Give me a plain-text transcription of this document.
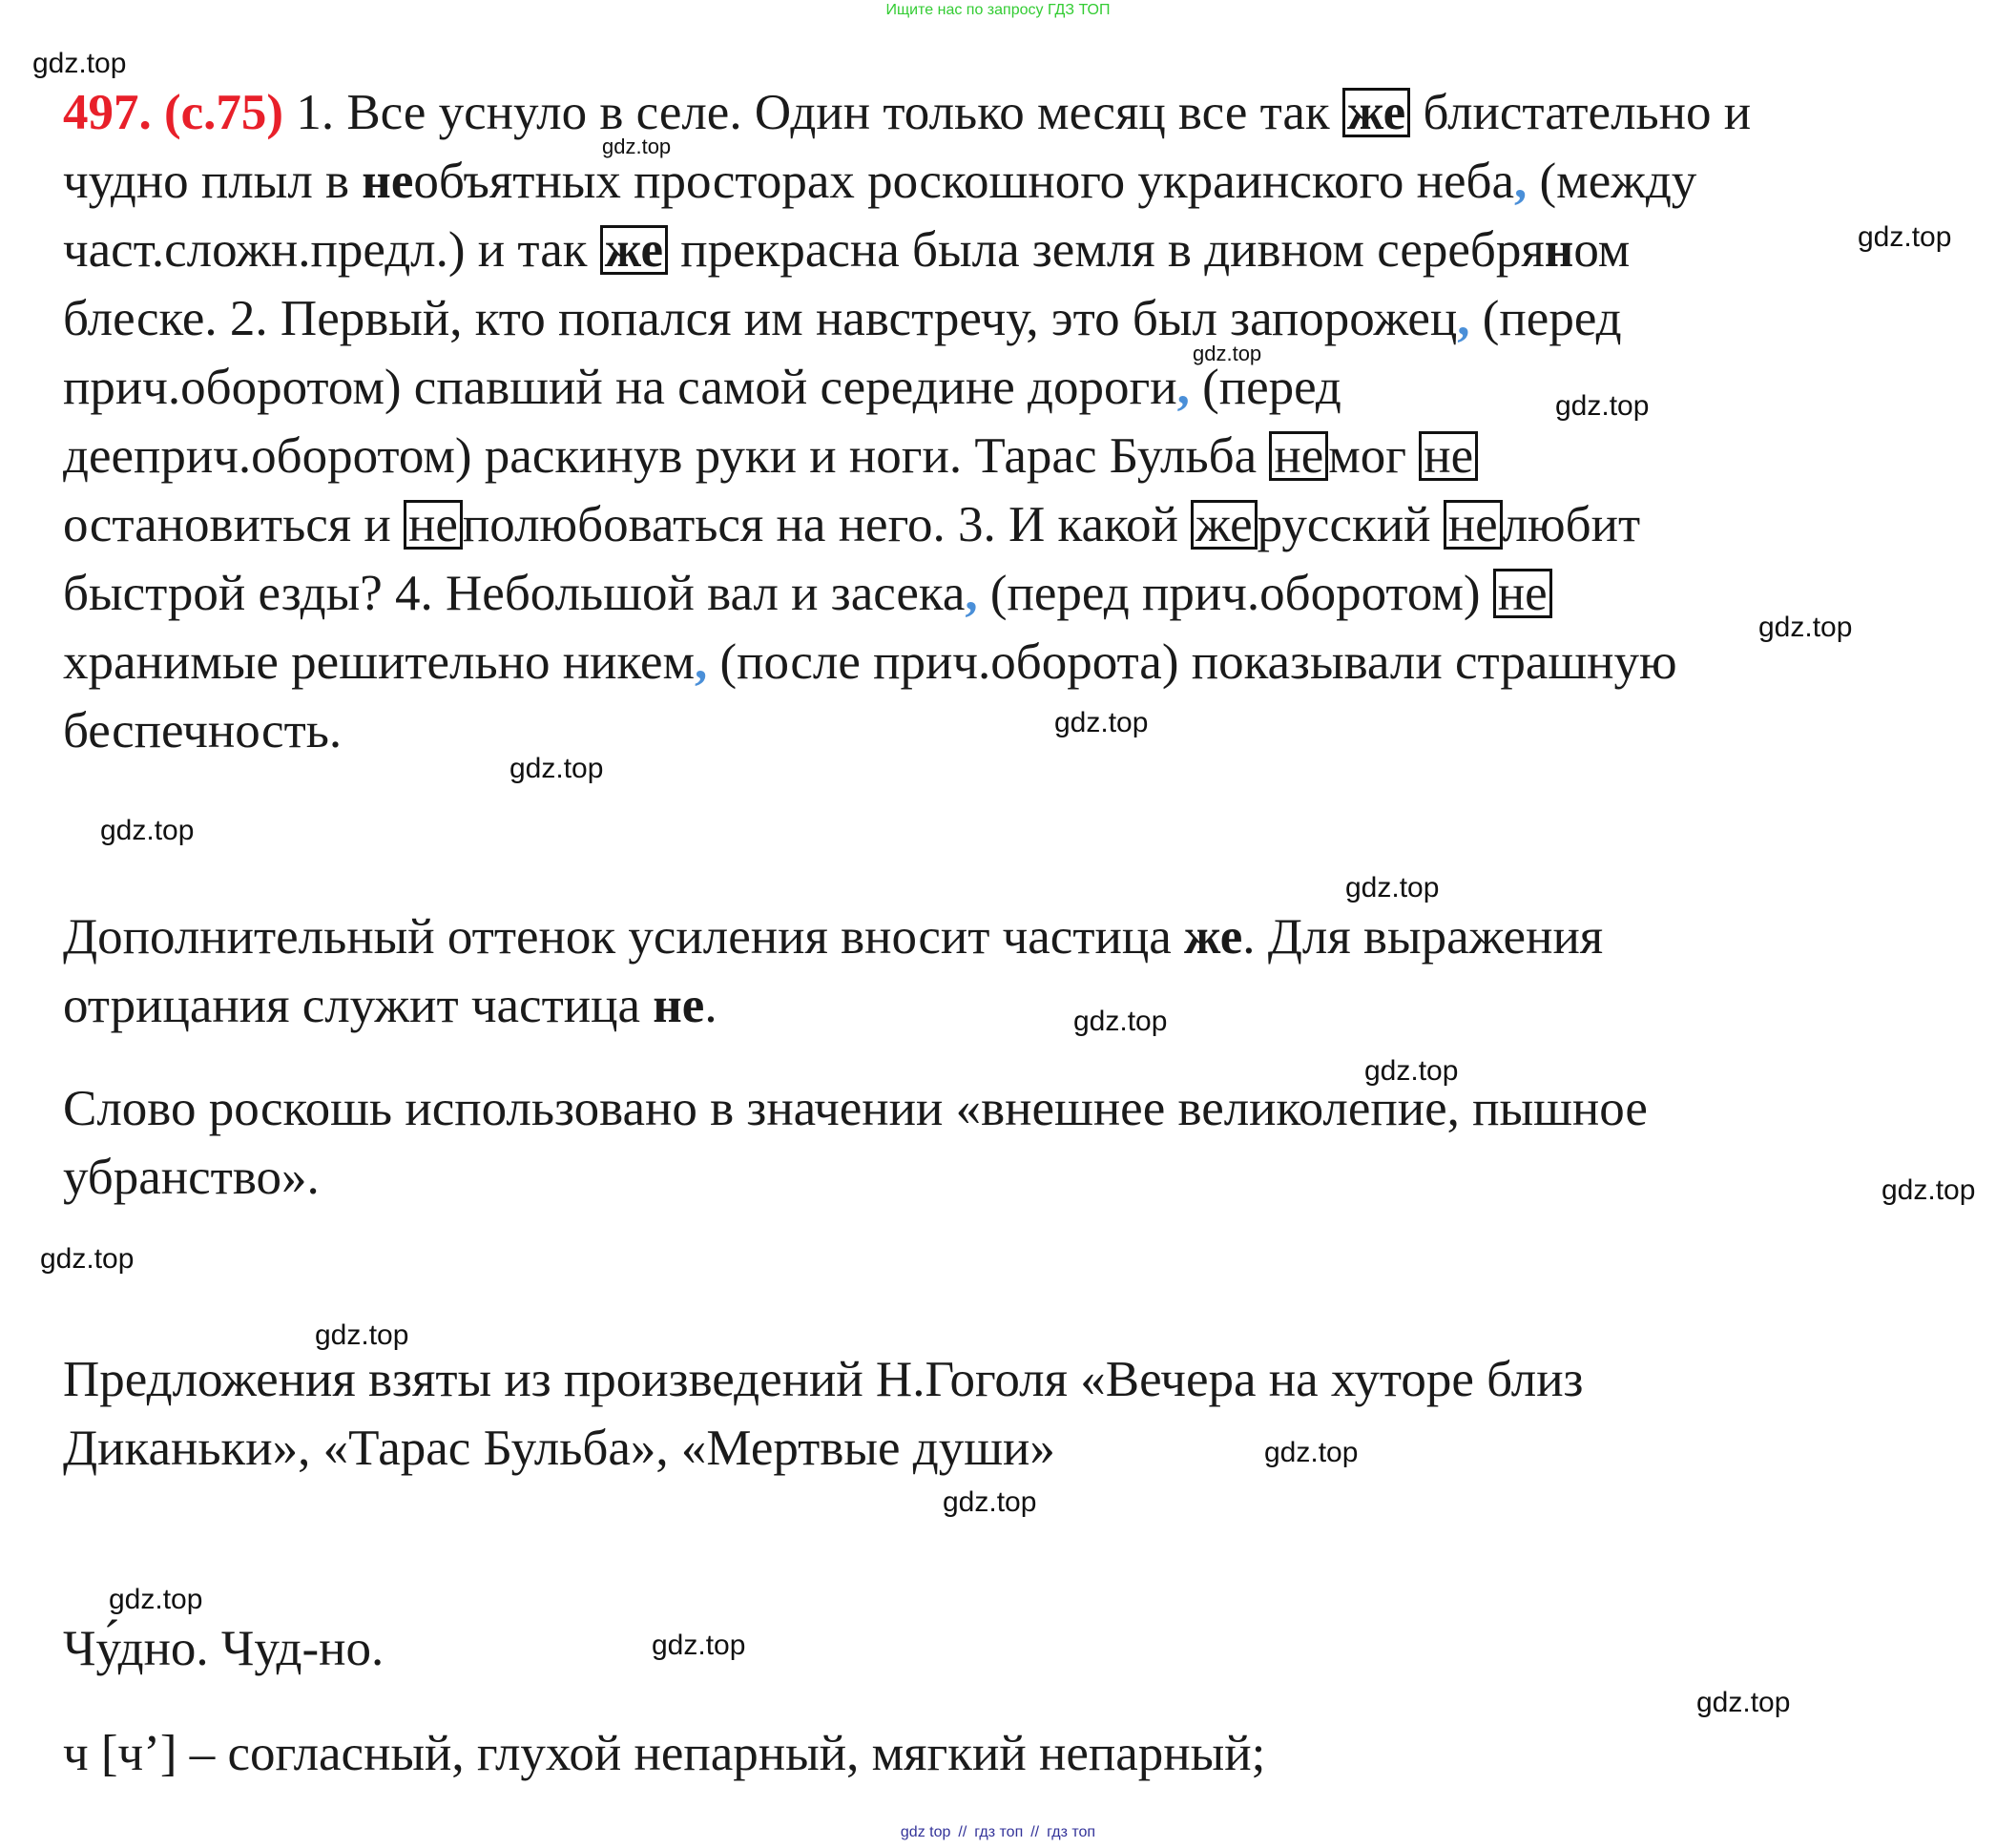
Ищите нас по запросу ГДЗ ТОП
gdz.top
gdz.top
gdz.top
gdz.top
gdz.top
gdz.top
gdz.top
gdz.top
gdz.top
gdz.top
gdz.top
gdz.top
gdz.top
gdz.top
gdz.top
gdz.top
gdz.top
gdz.top
gdz.top
gdz.top
497. (с.75) 1. Все уснуло в селе. Один только месяц все так же блистательно и
чудно плыл в необъятных просторах роскошного украинского неба, (между
част.сложн.предл.) и так же прекрасна была земля в дивном серебряном
блеске. 2. Первый, кто попался им навстречу, это был запорожец, (перед
прич.оборотом) спавший на самой середине дороги, (перед
дееприч.оборотом) раскинув руки и ноги. Тарас Бульба немог не
остановиться и неполюбоваться на него. 3. И какой жерусский нелюбит
быстрой езды? 4. Небольшой вал и засека, (перед прич.оборотом) не
хранимые решительно никем, (после прич.оборота) показывали страшную
беспечность.
Дополнительный оттенок усиления вносит частица же. Для выражения
отрицания служит частица не.
Слово роскошь использовано в значении «внешнее великолепие, пышное
убранство».
Предложения взяты из произведений Н.Гоголя «Вечера на хуторе близ
Диканьки», «Тарас Бульба», «Мертвые души»
Чу́дно. Чуд-но.
ч [ч’] – согласный, глухой непарный, мягкий непарный;
gdz top // гдз топ // гдз топ
